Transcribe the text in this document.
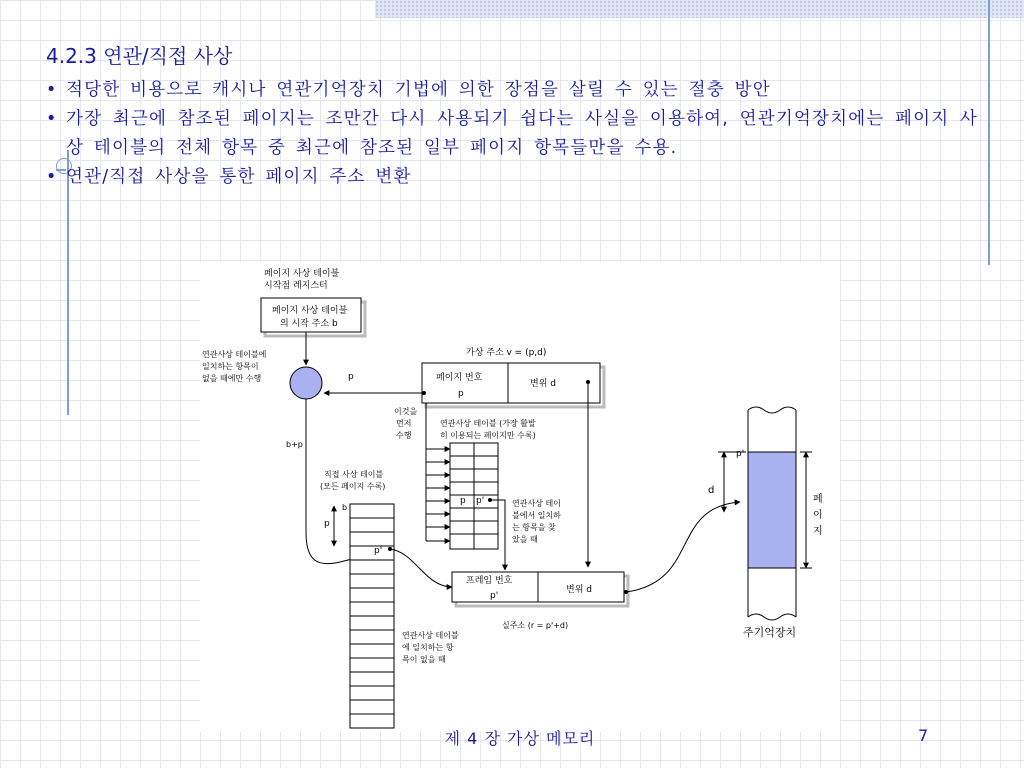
4.2.3 연관/직접 사상
• 적당한 비용으로 캐시나 연관기억장치 기법에 의한 장점을 살릴 수 있는 절충 방안
• 가장 최근에 참조된 페이지는 조만간 다시 사용되기 쉽다는 사실을 이용하여, 연관기억장치에는 페이지 사상 테이블의 전체 항목 중 최근에 참조된 일부 페이지 항목들만을 수용.
• 연관/직접 사상을 통한 페이지 주소 변환
페이지 사상 테이블
시작점 레지스터
페이지 사상 테이블
의 시작 주소 b
연관사상 테이블에
일치하는 항목이
없을 때에만 수행	p
b+p
가상 주소 v = (p,d)
페이지 번호
p
변위 d
이것을
먼저
수행
연관사상 테이블 (가장 활발
히 이용되는 페이지만 수록)
p p'	연관사상 테이
블에서 일치하
는 항목을 찾
았을 때
직접 사상 테이블
(모든 페이지 수록)
b
p
p'
연관사상 테이블
에 일치하는 항
목이 없을 때
프레임 번호
p'
변위 d
실주소 (r = p'+d)
p'
d
페
이
지
주기억장치
제 4 장 가상 메모리	7
